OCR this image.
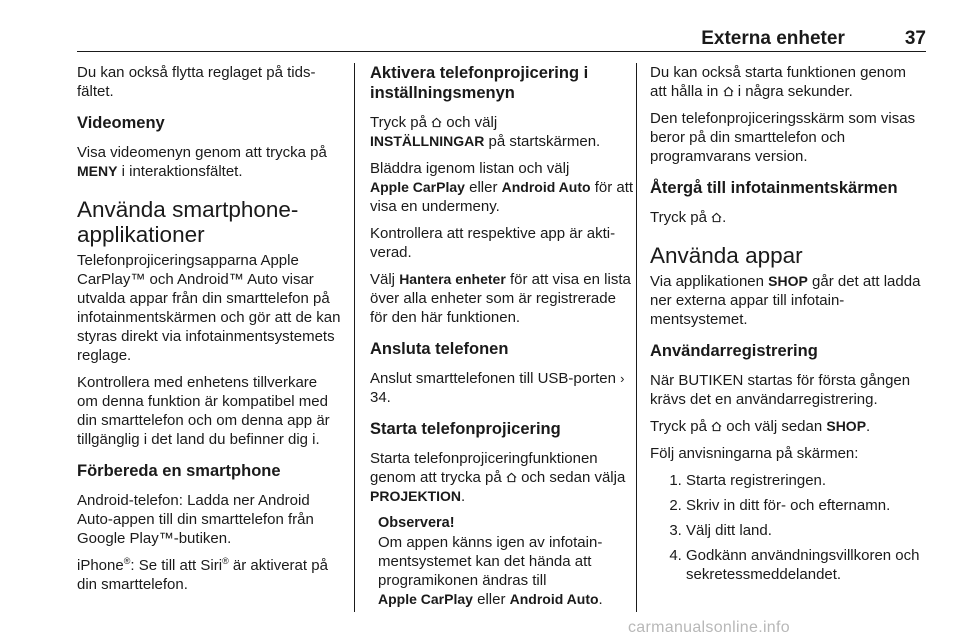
Externa enheter	37

Du kan också flytta reglaget på tidsfältet.

Videomeny

Visa videomenyn genom att trycka på MENY i interaktionsfältet.

Använda smartphone-applikationer

Telefonprojiceringsapparna Apple CarPlay™ och Android™ Auto visar utvalda appar från din smarttelefon på infotainmentskärmen och gör att de kan styras direkt via infotainmentsystemets reglage.

Kontrollera med enhetens tillverkare om denna funktion är kompatibel med din smarttelefon och om denna app är tillgänglig i det land du befinner dig i.

Förbereda en smartphone

Android-telefon: Ladda ner Android Auto-appen till din smarttelefon från Google Play™-butiken.

iPhone®: Se till att Siri® är aktiverat på din smarttelefon.

Aktivera telefonprojicering i inställningsmenyn

Tryck på  och välj
INSTÄLLNINGAR på startskärmen.

Bläddra igenom listan och välj
Apple CarPlay eller Android Auto för att visa en undermeny.

Kontrollera att respektive app är aktiverad.

Välj Hantera enheter för att visa en lista över alla enheter som är registrerade för den här funktionen.

Ansluta telefonen

Anslut smarttelefonen till USB-porten › 34.

Starta telefonprojicering

Starta telefonprojiceringfunktionen genom att trycka på  och sedan välja PROJEKTION.

Observera!
Om appen känns igen av infotainmentsystemet kan det hända att programikonen ändras till
Apple CarPlay eller Android Auto.

Du kan också starta funktionen genom att hålla in  i några sekunder.

Den telefonprojiceringsskärm som visas beror på din smarttelefon och programvarans version.

Återgå till infotainmentskärmen

Tryck på .

Använda appar

Via applikationen SHOP går det att ladda ner externa appar till infotainmentsystemet.

Användarregistrering

När BUTIKEN startas för första gången krävs det en användarregistrering.

Tryck på  och välj sedan SHOP.

Följ anvisningarna på skärmen:

1. Starta registreringen.
2. Skriv in ditt för- och efternamn.
3. Välj ditt land.
4. Godkänn användningsvillkoren och sekretessmeddelandet.
carmanualsonline.info
